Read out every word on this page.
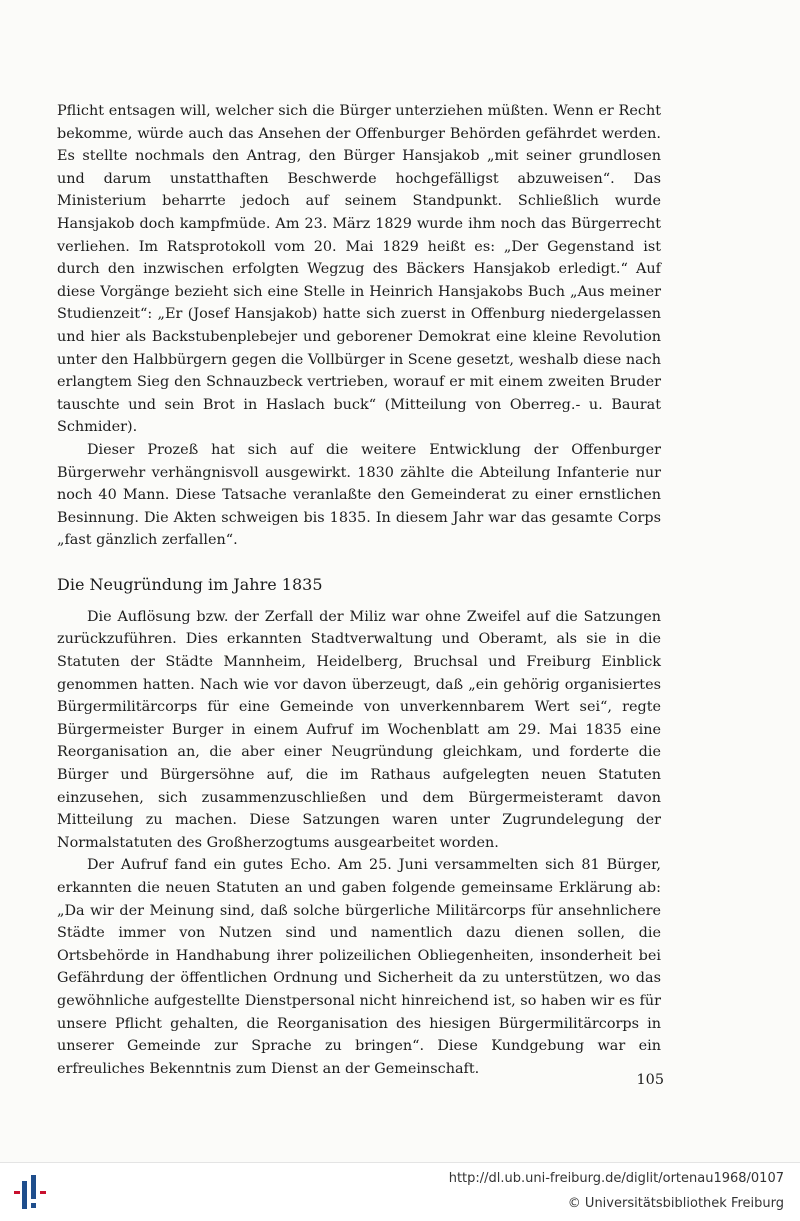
Pflicht entsagen will, welcher sich die Bürger unterziehen müßten. Wenn er Recht bekomme, würde auch das Ansehen der Offenburger Behörden gefährdet werden. Es stellte nochmals den Antrag, den Bürger Hansjakob „mit seiner grundlosen und darum unstatthaften Beschwerde hochgefälligst abzuweisen“. Das Ministerium beharrte jedoch auf seinem Standpunkt. Schließlich wurde Hansjakob doch kampfmüde. Am 23. März 1829 wurde ihm noch das Bürgerrecht verliehen. Im Ratsprotokoll vom 20. Mai 1829 heißt es: „Der Gegenstand ist durch den inzwischen erfolgten Wegzug des Bäckers Hansjakob erledigt.“ Auf diese Vorgänge bezieht sich eine Stelle in Heinrich Hansjakobs Buch „Aus meiner Studienzeit“: „Er (Josef Hansjakob) hatte sich zuerst in Offenburg niedergelassen und hier als Backstubenplebejer und geborener Demokrat eine kleine Revolution unter den Halbbürgern gegen die Vollbürger in Scene gesetzt, weshalb diese nach erlangtem Sieg den Schnauzbeck vertrieben, worauf er mit einem zweiten Bruder tauschte und sein Brot in Haslach buck“ (Mitteilung von Oberreg.- u. Baurat Schmider).

Dieser Prozeß hat sich auf die weitere Entwicklung der Offenburger Bürgerwehr verhängnisvoll ausgewirkt. 1830 zählte die Abteilung Infanterie nur noch 40 Mann. Diese Tatsache veranlaßte den Gemeinderat zu einer ernstlichen Besinnung. Die Akten schweigen bis 1835. In diesem Jahr war das gesamte Corps „fast gänzlich zerfallen“.

Die Neugründung im Jahre 1835

Die Auflösung bzw. der Zerfall der Miliz war ohne Zweifel auf die Satzungen zurückzuführen. Dies erkannten Stadtverwaltung und Oberamt, als sie in die Statuten der Städte Mannheim, Heidelberg, Bruchsal und Freiburg Einblick genommen hatten. Nach wie vor davon überzeugt, daß „ein gehörig organisiertes Bürgermilitärcorps für eine Gemeinde von unverkennbarem Wert sei“, regte Bürgermeister Burger in einem Aufruf im Wochenblatt am 29. Mai 1835 eine Reorganisation an, die aber einer Neugründung gleichkam, und forderte die Bürger und Bürgersöhne auf, die im Rathaus aufgelegten neuen Statuten einzusehen, sich zusammenzuschließen und dem Bürgermeisteramt davon Mitteilung zu machen. Diese Satzungen waren unter Zugrundelegung der Normalstatuten des Großherzogtums ausgearbeitet worden.

Der Aufruf fand ein gutes Echo. Am 25. Juni versammelten sich 81 Bürger, erkannten die neuen Statuten an und gaben folgende gemeinsame Erklärung ab: „Da wir der Meinung sind, daß solche bürgerliche Militärcorps für ansehnlichere Städte immer von Nutzen sind und namentlich dazu dienen sollen, die Ortsbehörde in Handhabung ihrer polizeilichen Obliegenheiten, insonderheit bei Gefährdung der öffentlichen Ordnung und Sicherheit da zu unterstützen, wo das gewöhnliche aufgestellte Dienstpersonal nicht hinreichend ist, so haben wir es für unsere Pflicht gehalten, die Reorganisation des hiesigen Bürgermilitärcorps in unserer Gemeinde zur Sprache zu bringen“. Diese Kundgebung war ein erfreuliches Bekenntnis zum Dienst an der Gemeinschaft.

105
http://dl.ub.uni-freiburg.de/diglit/ortenau1968/0107
© Universitätsbibliothek Freiburg
